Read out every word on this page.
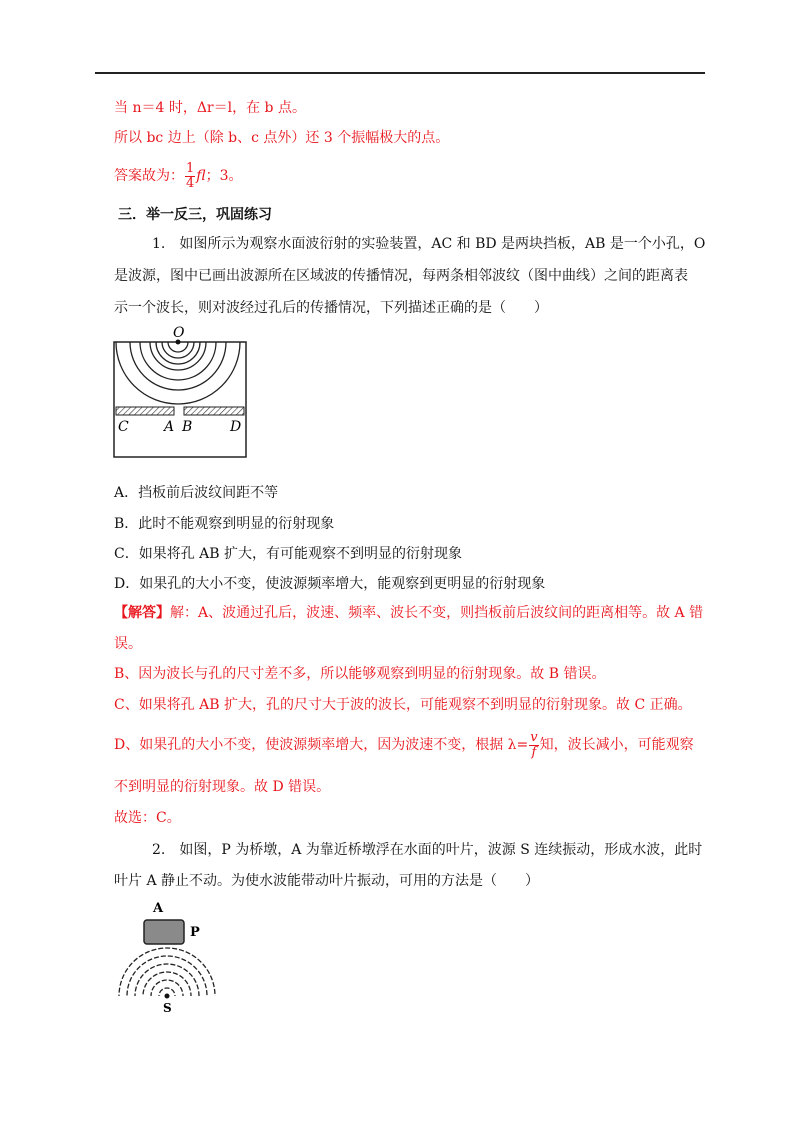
当 n＝4 时，Δr＝l，在 b 点。
所以 bc 边上（除 b、c 点外）还 3 个振幅极大的点。
答案故为： $\frac{1}{4}$ fl；3。
三．举一反三，巩固练习
1.　如图所示为观察水面波衍射的实验装置，AC 和 BD 是两块挡板，AB 是一个小孔，O
是波源，图中已画出波源所在区域波的传播情况，每两条相邻波纹（图中曲线）之间的距离表
示一个波长，则对波经过孔后的传播情况，下列描述正确的是（　　）
O
C	A B	D
A．挡板前后波纹间距不等
B．此时不能观察到明显的衍射现象
C．如果将孔 AB 扩大，有可能观察不到明显的衍射现象
D．如果孔的大小不变，使波源频率增大，能观察到更明显的衍射现象
【解答】解：A、波通过孔后，波速、频率、波长不变，则挡板前后波纹间的距离相等。故 A 错
误。
B、因为波长与孔的尺寸差不多，所以能够观察到明显的衍射现象。故 B 错误。
C、如果将孔 AB 扩大，孔的尺寸大于波的波长，可能观察不到明显的衍射现象。故 C 正确。
D、如果孔的大小不变，使波源频率增大，因为波速不变，根据 $\lambda= \frac{v}{f}$ 知，波长减小，可能观察
不到明显的衍射现象。故 D 错误。
故选：C。
2.　如图，P 为桥墩，A 为靠近桥墩浮在水面的叶片，波源 S 连续振动，形成水波，此时
叶片 A 静止不动。为使水波能带动叶片振动，可用的方法是（　　）
A
P
S
